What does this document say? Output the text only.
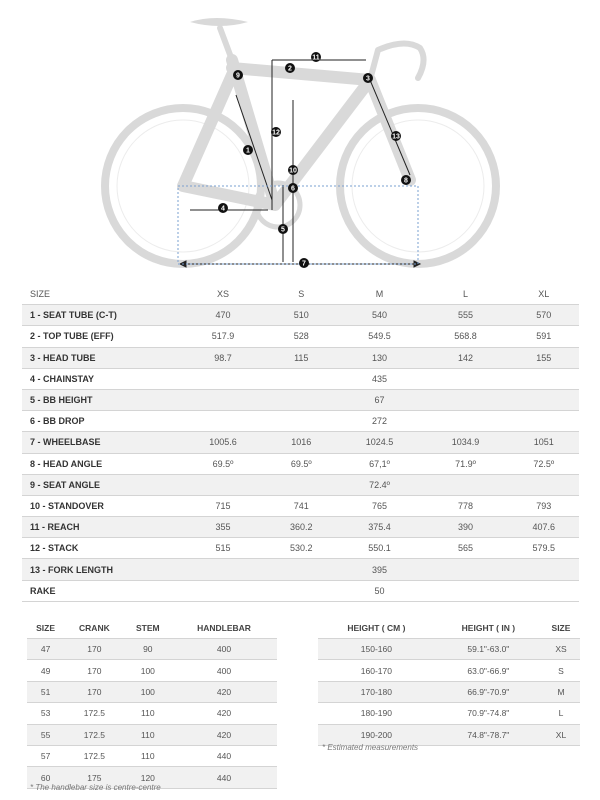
1
2
3
4
5
6
7
8
9
10
11
12
13
SIZE	XS	S	M	L	XL
1 - SEAT TUBE (C-T)	470	510	540	555	570
2 - TOP TUBE (EFF)	517.9	528	549.5	568.8	591
3 - HEAD TUBE	98.7	115	130	142	155
4 - CHAINSTAY	435				
5 - BB HEIGHT	67				
6 - BB DROP	272				
7 - WHEELBASE	1005.6	1016	1024.5	1034.9	1051
8 - HEAD ANGLE	69.5º	69.5º	67,1º	71.9º	72.5º
9 - SEAT ANGLE	72.4º				
10 - STANDOVER	715	741	765	778	793
11 - REACH	355	360.2	375.4	390	407.6
12 - STACK	515	530.2	550.1	565	579.5
13 - FORK LENGTH	395				
RAKE	50				
SIZE	CRANK	STEM	HANDLEBAR
47	170	90	400
49	170	100	400
51	170	100	420
53	172.5	110	420
55	172.5	110	420
57	172.5	110	440
60	175	120	440
HEIGHT ( CM )	HEIGHT ( IN )	SIZE
150-160	59.1"-63.0"	XS
160-170	63.0"-66.9"	S
170-180	66.9"-70.9"	M
180-190	70.9"-74.8"	L
190-200	74.8"-78.7"	XL
* Estimated measurements
* The handlebar size is centre-centre
